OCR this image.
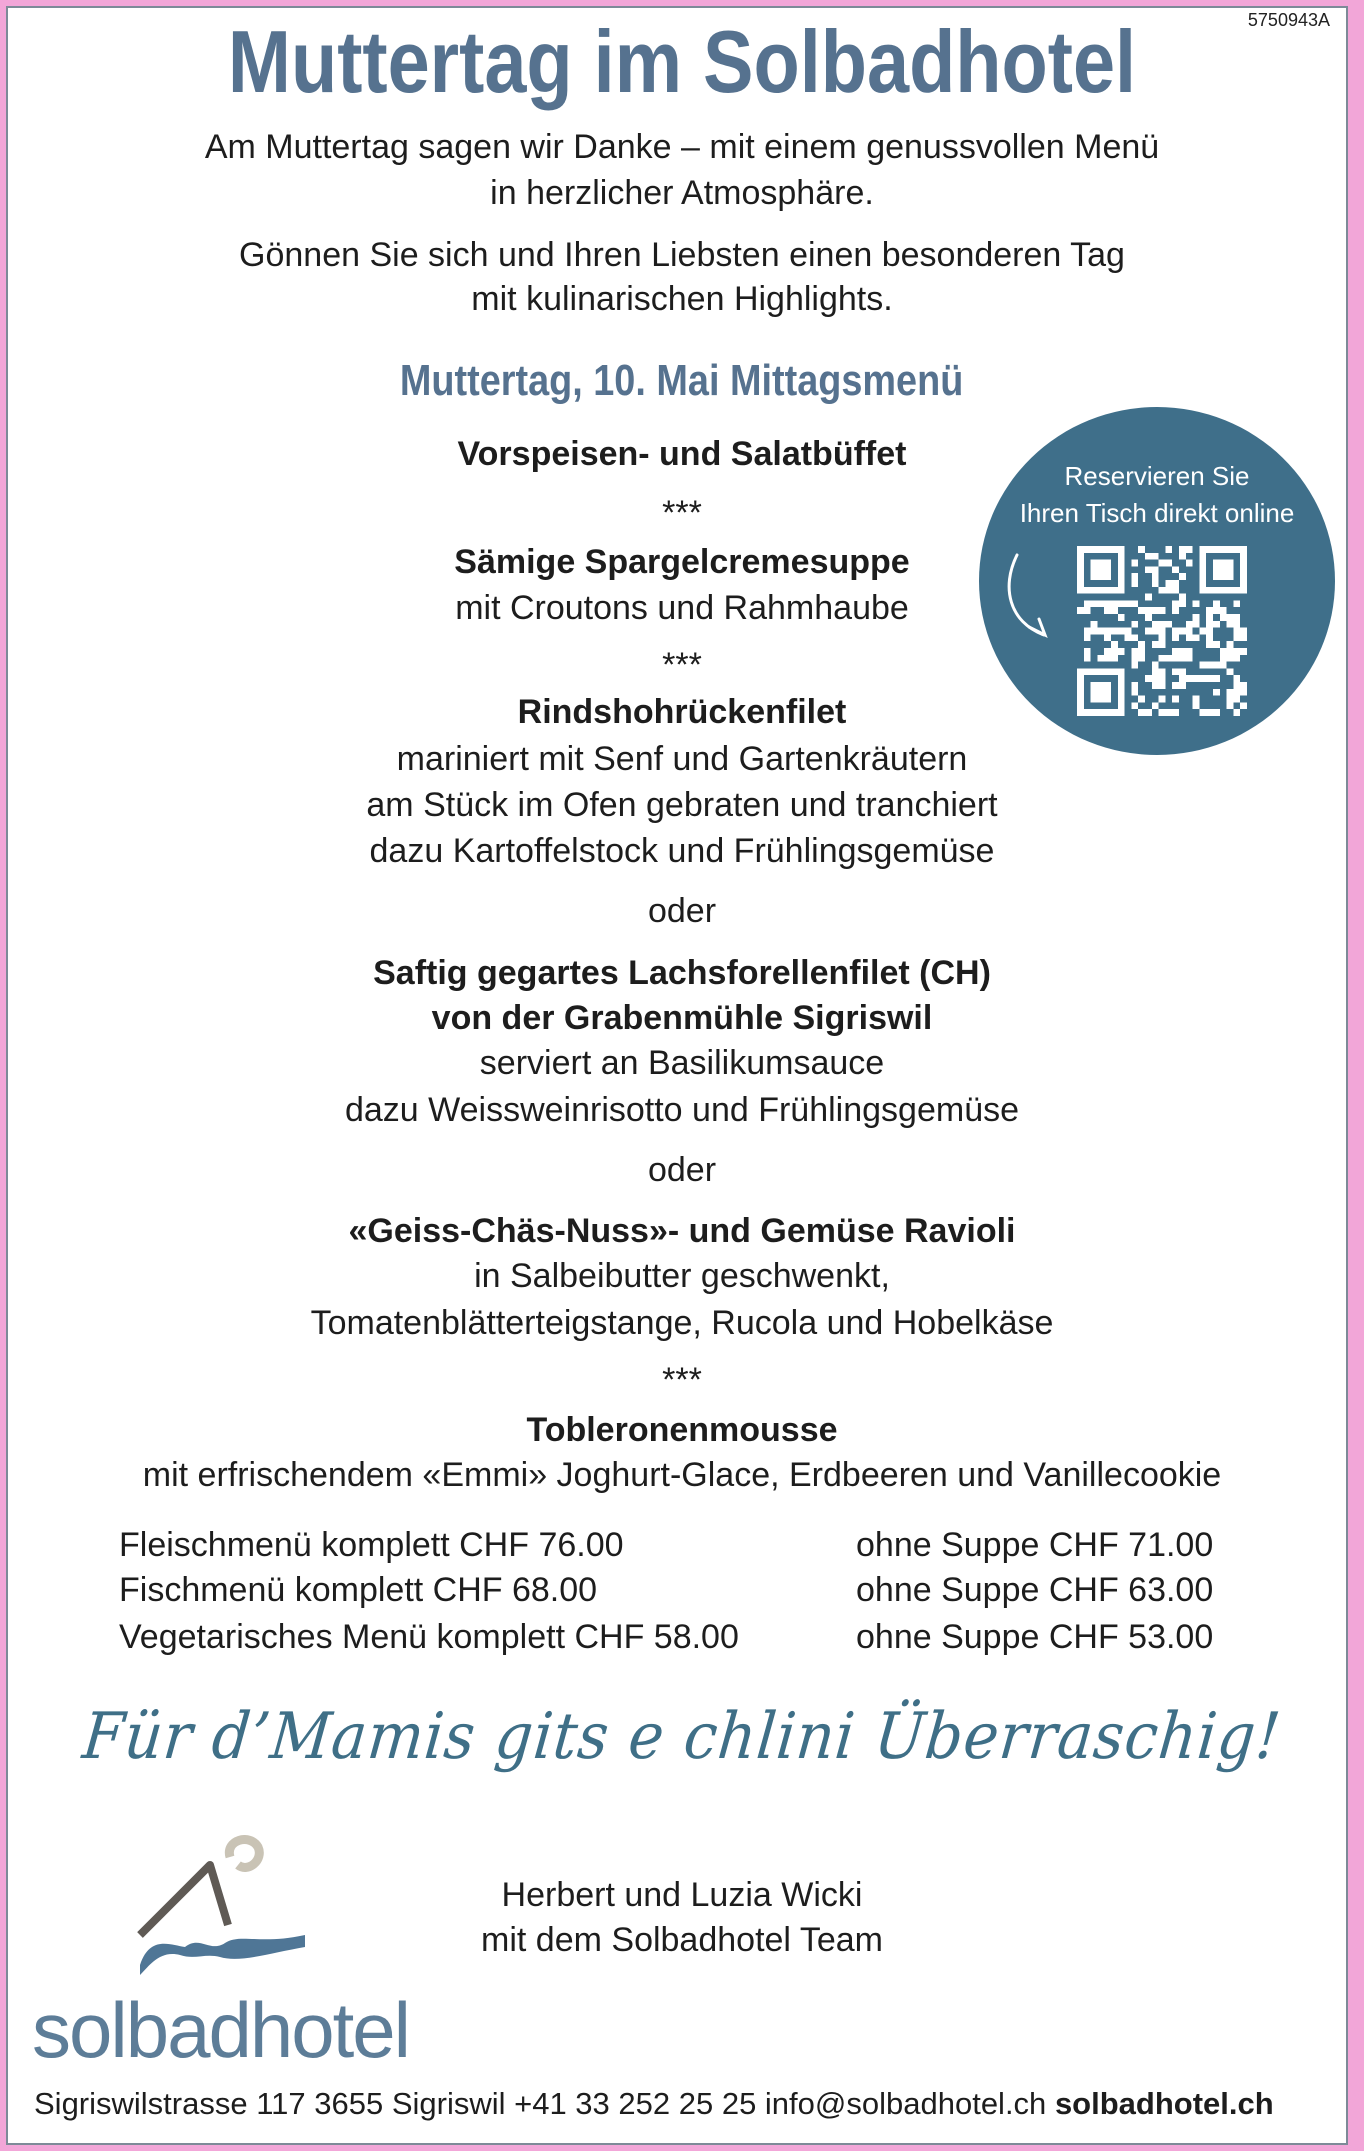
5750943A
Muttertag im Solbadhotel
Am Muttertag sagen wir Danke – mit einem genussvollen Menü
in herzlicher Atmosphäre.
Gönnen Sie sich und Ihren Liebsten einen besonderen Tag
mit kulinarischen Highlights.
Muttertag, 10. Mai Mittagsmenü
Vorspeisen- und Salatbüffet
***
Sämige Spargelcremesuppe
mit Croutons und Rahmhaube
***
Rindshohrückenfilet
mariniert mit Senf und Gartenkräutern
am Stück im Ofen gebraten und tranchiert
dazu Kartoffelstock und Frühlingsgemüse
oder
Saftig gegartes Lachsforellenfilet (CH)
von der Grabenmühle Sigriswil
serviert an Basilikumsauce
dazu Weissweinrisotto und Frühlingsgemüse
oder
«Geiss-Chäs-Nuss»- und Gemüse Ravioli
in Salbeibutter geschwenkt,
Tomatenblätterteigstange, Rucola und Hobelkäse
***
Tobleronenmousse
mit erfrischendem «Emmi» Joghurt-Glace, Erdbeeren und Vanillecookie
Fleischmenü komplett CHF 76.00	ohne Suppe CHF 71.00
Fischmenü komplett CHF 68.00	ohne Suppe CHF 63.00
Vegetarisches Menü komplett CHF 58.00	ohne Suppe CHF 53.00
Reservieren Sie
Ihren Tisch direkt online
Für d’Mamis gits e chlini Überraschig!
solbadhotel
Herbert und Luzia Wicki
mit dem Solbadhotel Team
Sigriswilstrasse 117 3655 Sigriswil +41 33 252 25 25 info@solbadhotel.ch solbadhotel.ch
